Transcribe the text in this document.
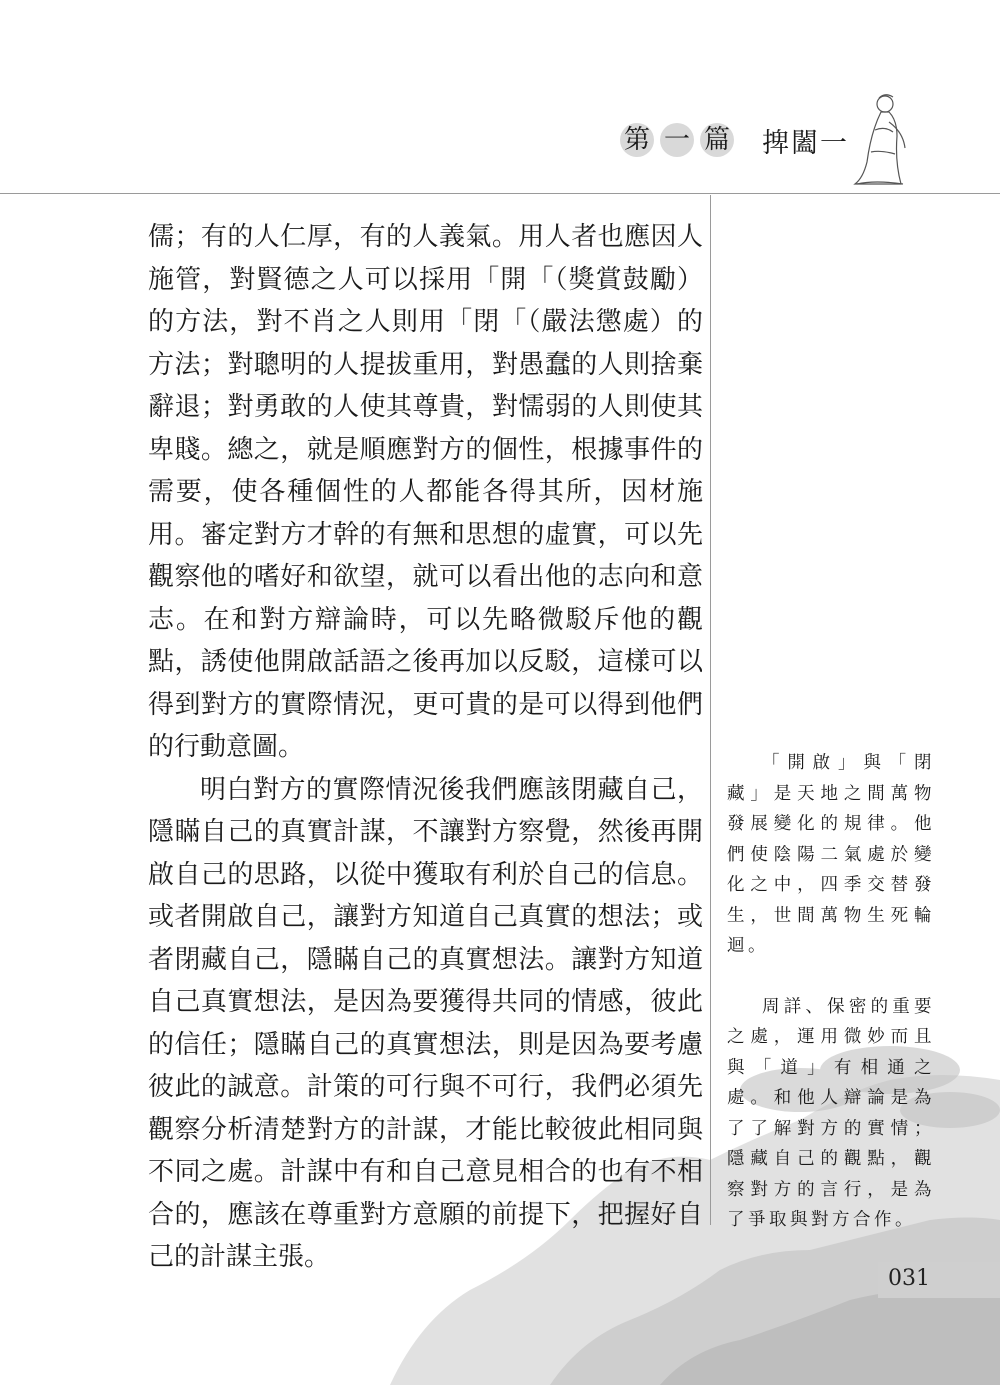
第 一 篇 捭闔一

儒；有的人仁厚，有的人義氣。用人者也應因人施管，對賢德之人可以採用「開「（獎賞鼓勵）的方法，對不肖之人則用「閉「（嚴法懲處）的方法；對聰明的人提拔重用，對愚蠢的人則捨棄辭退；對勇敢的人使其尊貴，對懦弱的人則使其卑賤。總之，就是順應對方的個性，根據事件的需要，使各種個性的人都能各得其所，因材施用。審定對方才幹的有無和思想的虛實，可以先觀察他的嗜好和欲望，就可以看出他的志向和意志。在和對方辯論時，可以先略微駁斥他的觀點，誘使他開啟話語之後再加以反駁，這樣可以得到對方的實際情況，更可貴的是可以得到他們的行動意圖。

明白對方的實際情況後我們應該閉藏自己，隱瞞自己的真實計謀，不讓對方察覺，然後再開啟自己的思路，以從中獲取有利於自己的信息。或者開啟自己，讓對方知道自己真實的想法；或者閉藏自己，隱瞞自己的真實想法。讓對方知道自己真實想法，是因為要獲得共同的情感，彼此的信任；隱瞞自己的真實想法，則是因為要考慮彼此的誠意。計策的可行與不可行，我們必須先觀察分析清楚對方的計謀，才能比較彼此相同與不同之處。計謀中有和自己意見相合的也有不相合的，應該在尊重對方意願的前提下，把握好自己的計謀主張。

「開啟」與「閉藏」是天地之間萬物發展變化的規律。他們使陰陽二氣處於變化之中，四季交替發生，世間萬物生死輪迴。

周詳、保密的重要之處，運用微妙而且與「道」有相通之處。和他人辯論是為了了解對方的實情；隱藏自己的觀點，觀察對方的言行，是為了爭取與對方合作。

031
